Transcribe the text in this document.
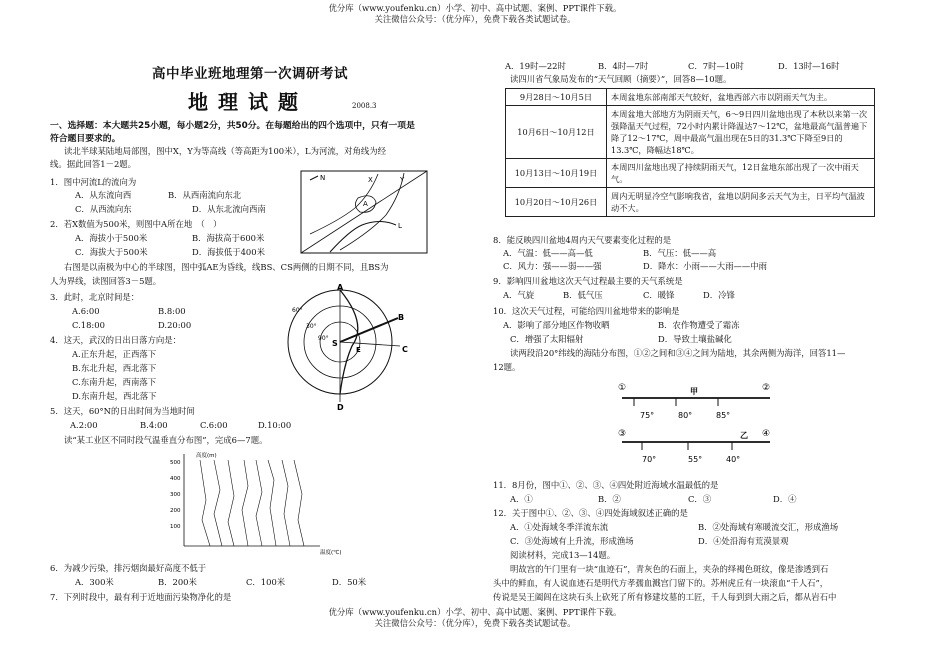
优分库（www.youfenku.cn）小学、初中、高中试题、案例、PPT课件下载。
关注微信公众号：（优分库），免费下载各类试题试卷。
高中毕业班地理第一次调研考试
地理试题	2008.3
一、选择题：本大题共25小题，每小题2分，共50分。在每题给出的四个选项中，只有一项是
符合题目要求的。
读北半球某陆地局部图，图中X，Y为等高线（等高距为100米），L为河流，对角线为经
线。据此回答1－2题。
1．图中河流L的流向为
A．从东流向西	B．从西南流向东北
C．从西流向东	D．从东北流向西南
2．若X数值为500米，则图中A所在地　（　）
A．海拔小于500米	B．海拔高于600米
C．海拔大于500米	D．海拔低于400米
N	X	Y
A
L
右图是以南极为中心的半球图，图中弧AE为昏线，线BS、CS两侧的日期不同，且BS为
人为界线，读图回答3－5题。
3．此时，北京时间是：
A.6:00	B.8:00
C.18:00	D.20:00
4．这天，武汉的日出日落方向是：
A.正东升起，正西落下
B.东北升起，西北落下
C.东南升起，西南落下
D.东南升起，西北落下
5．这天，60°N的日出时间为当地时间
A.2:00	B.4:00	C.6:00	D.10:00
A
B
C
D
E
S
60°
30°
90°
读“某工业区不同时段气温垂直分布图”，完成6—7题。
高度(m)
温度(℃)
500
400
300
200
100
6．为减少污染，排污烟囱最好高度不低于
A．300米	B．200米	C．100米	D．50米
7．下列时段中，最有利于近地面污染物净化的是
A．19时—22时	B．4时—7时	C．7时—10时	D．13时—16时
读四川省气象局发布的“天气回顾（摘要）”，回答8—10题。
9月28日～10月5日	本周盆地东部南部天气较好，盆地西部六市以阴雨天气为主。
10月6日～10月12日	本周盆地大部地方为阴雨天气，6～9日四川盆地出现了本秋以来第一次强降温天气过程，72小时内累计降温达7～12℃，盆地最高气温普遍下降了12～17℃，周中最高气温出现在5日的31.3℃下降至9日的13.3℃，降幅达18℃。
10月13日～10月19日	本周四川盆地出现了持续阴雨天气，12日盆地东部出现了一次中雨天气。
10月20日～10月26日	周内无明显冷空气影响我省，盆地以阴间多云天气为主，日平均气温波动不大。
8．能反映四川盆地4周内天气要素变化过程的是
A．气温：低——高—低	B．气压：低——高
C．风力：强——弱——强	D．降水：小雨——大雨——中雨
9．影响四川盆地这次天气过程最主要的天气系统是
A．气旋	B．低气压	C．暖锋	D．冷锋
10．这次天气过程，可能给四川盆地带来的影响是
A．影响了部分地区作物收晒	B．农作物遭受了霜冻
C．增强了太阳辐射	D．导致土壤盐碱化
读两段沿20°纬线的海陆分布图，①②之间和③④之间为陆地，其余两侧为海洋，回答11—
12题。
①	②
甲
75°	80°	85°
③	④
乙
70°	55°	40°
11．8月份，图中①、②、③、④四处附近海域水温最低的是
A．①	B．②	C．③	D．④
12．关于图中①、②、③、④四处海域叙述正确的是
A．①处海域冬季洋流东流	B．②处海域有寒暖流交汇，形成渔场
C．③处海域有上升流，形成渔场	D．④处沿海有荒漠景观
阅读材料，完成13—14题。
明故宫的午门里有一块“血迹石”，青灰色的石面上，夹杂的绎褐色斑纹，像是渗透到石
头中的鲜血，有人说血迹石是明代方孝孺血溅宫门留下的。苏州虎丘有一块滚血“千人石”，
传说是吴王阖闾在这块石头上砍死了所有修建坟墓的工匠，千人每到到大雨之后，都从岩石中
优分库（www.youfenku.cn）小学、初中、高中试题、案例、PPT课件下载。
关注微信公众号：（优分库），免费下载各类试题试卷。
